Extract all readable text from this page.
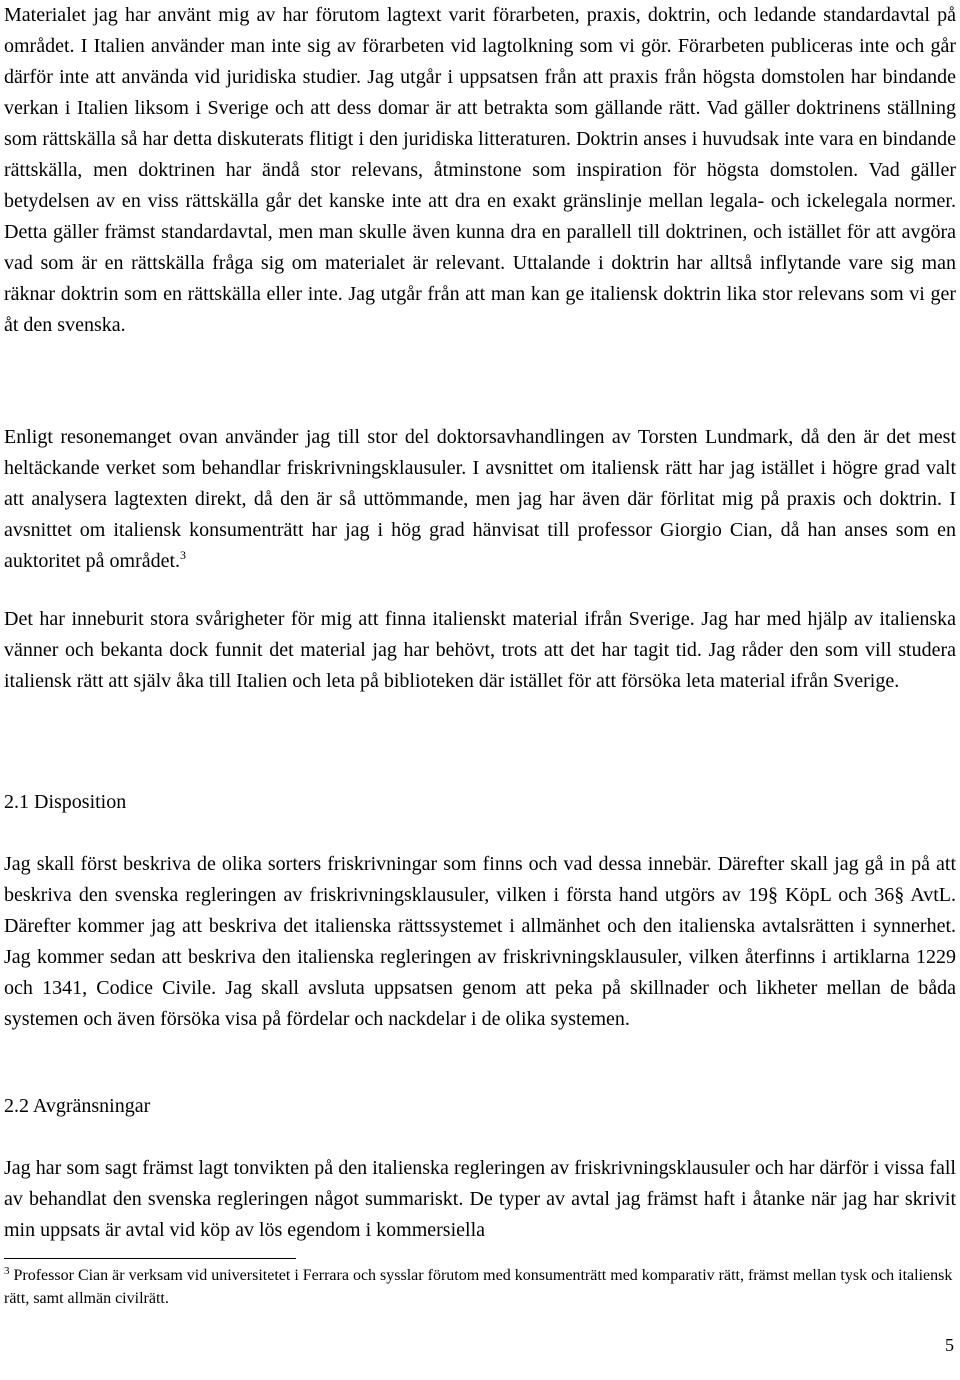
Materialet jag har använt mig av har förutom lagtext varit förarbeten, praxis, doktrin, och ledande standardavtal på området. I Italien använder man inte sig av förarbeten vid lagtolkning som vi gör. Förarbeten publiceras inte och går därför inte att använda vid juridiska studier. Jag utgår i uppsatsen från att praxis från högsta domstolen har bindande verkan i Italien liksom i Sverige och att dess domar är att betrakta som gällande rätt. Vad gäller doktrinens ställning som rättskälla så har detta diskuterats flitigt i den juridiska litteraturen. Doktrin anses i huvudsak inte vara en bindande rättskälla, men doktrinen har ändå stor relevans, åtminstone som inspiration för högsta domstolen. Vad gäller betydelsen av en viss rättskälla går det kanske inte att dra en exakt gränslinje mellan legala- och ickelegala normer. Detta gäller främst standardavtal, men man skulle även kunna dra en parallell till doktrinen, och istället för att avgöra vad som är en rättskälla fråga sig om materialet är relevant. Uttalande i doktrin har alltså inflytande vare sig man räknar doktrin som en rättskälla eller inte. Jag utgår från att man kan ge italiensk doktrin lika stor relevans som vi ger åt den svenska.

Enligt resonemanget ovan använder jag till stor del doktorsavhandlingen av Torsten Lundmark, då den är det mest heltäckande verket som behandlar friskrivningsklausuler. I avsnittet om italiensk rätt har jag istället i högre grad valt att analysera lagtexten direkt, då den är så uttömmande, men jag har även där förlitat mig på praxis och doktrin. I avsnittet om italiensk konsumenträtt har jag i hög grad hänvisat till professor Giorgio Cian, då han anses som en auktoritet på området.$^3$

Det har inneburit stora svårigheter för mig att finna italienskt material ifrån Sverige. Jag har med hjälp av italienska vänner och bekanta dock funnit det material jag har behövt, trots att det har tagit tid. Jag råder den som vill studera italiensk rätt att själv åka till Italien och leta på biblioteken där istället för att försöka leta material ifrån Sverige.

2.1 Disposition

Jag skall först beskriva de olika sorters friskrivningar som finns och vad dessa innebär. Därefter skall jag gå in på att beskriva den svenska regleringen av friskrivningsklausuler, vilken i första hand utgörs av 19§ KöpL och 36§ AvtL. Därefter kommer jag att beskriva det italienska rättssystemet i allmänhet och den italienska avtalsrätten i synnerhet. Jag kommer sedan att beskriva den italienska regleringen av friskrivningsklausuler, vilken återfinns i artiklarna 1229 och 1341, Codice Civile. Jag skall avsluta uppsatsen genom att peka på skillnader och likheter mellan de båda systemen och även försöka visa på fördelar och nackdelar i de olika systemen.

2.2 Avgränsningar

Jag har som sagt främst lagt tonvikten på den italienska regleringen av friskrivningsklausuler och har därför i vissa fall av behandlat den svenska regleringen något summariskt. De typer av avtal jag främst haft i åtanke när jag har skrivit min uppsats är avtal vid köp av lös egendom i kommersiella

$^3$ Professor Cian är verksam vid universitetet i Ferrara och sysslar förutom med konsumenträtt med komparativ rätt, främst mellan tysk och italiensk rätt, samt allmän civilrätt.

5
